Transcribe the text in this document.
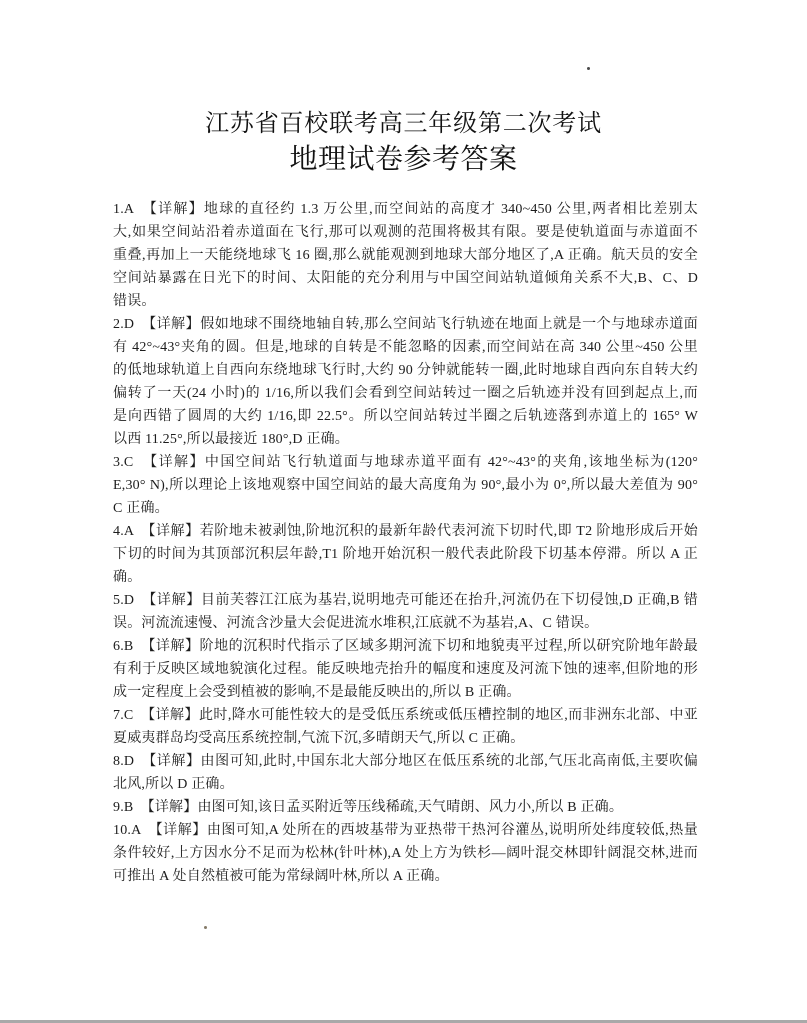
江苏省百校联考高三年级第二次考试
地理试卷参考答案
1.A　【详解】地球的直径约 1.3 万公里,而空间站的高度才 340~450 公里,两者相比差别太
大,如果空间站沿着赤道面在飞行,那可以观测的范围将极其有限。要是使轨道面与赤道面不
重叠,再加上一天能绕地球飞 16 圈,那么就能观测到地球大部分地区了,A 正确。航天员的安全
空间站暴露在日光下的时间、太阳能的充分利用与中国空间站轨道倾角关系不大,B、C、D
错误。
2.D　【详解】假如地球不围绕地轴自转,那么空间站飞行轨迹在地面上就是一个与地球赤道面
有 42°~43°夹角的圆。但是,地球的自转是不能忽略的因素,而空间站在高 340 公里~450 公里
的低地球轨道上自西向东绕地球飞行时,大约 90 分钟就能转一圈,此时地球自西向东自转大约
偏转了一天(24 小时)的 1/16,所以我们会看到空间站转过一圈之后轨迹并没有回到起点上,而
是向西错了圆周的大约 1/16,即 22.5°。所以空间站转过半圈之后轨迹落到赤道上的 165° W
以西 11.25°,所以最接近 180°,D 正确。
3.C　【详解】中国空间站飞行轨道面与地球赤道平面有 42°~43°的夹角,该地坐标为(120°
E,30° N),所以理论上该地观察中国空间站的最大高度角为 90°,最小为 0°,所以最大差值为 90°
C 正确。
4.A　【详解】若阶地未被剥蚀,阶地沉积的最新年龄代表河流下切时代,即 T2 阶地形成后开始
下切的时间为其顶部沉积层年龄,T1 阶地开始沉积一般代表此阶段下切基本停滞。所以 A 正
确。
5.D　【详解】目前芙蓉江江底为基岩,说明地壳可能还在抬升,河流仍在下切侵蚀,D 正确,B 错
误。河流流速慢、河流含沙量大会促进流水堆积,江底就不为基岩,A、C 错误。
6.B　【详解】阶地的沉积时代指示了区域多期河流下切和地貌夷平过程,所以研究阶地年龄最
有利于反映区域地貌演化过程。能反映地壳抬升的幅度和速度及河流下蚀的速率,但阶地的形
成一定程度上会受到植被的影响,不是最能反映出的,所以 B 正确。
7.C　【详解】此时,降水可能性较大的是受低压系统或低压槽控制的地区,而非洲东北部、中亚
夏威夷群岛均受高压系统控制,气流下沉,多晴朗天气,所以 C 正确。
8.D　【详解】由图可知,此时,中国东北大部分地区在低压系统的北部,气压北高南低,主要吹偏
北风,所以 D 正确。
9.B　【详解】由图可知,该日孟买附近等压线稀疏,天气晴朗、风力小,所以 B 正确。
10.A　【详解】由图可知,A 处所在的西坡基带为亚热带干热河谷灌丛,说明所处纬度较低,热量
条件较好,上方因水分不足而为松林(针叶林),A 处上方为铁杉—阔叶混交林即针阔混交林,进而
可推出 A 处自然植被可能为常绿阔叶林,所以 A 正确。
